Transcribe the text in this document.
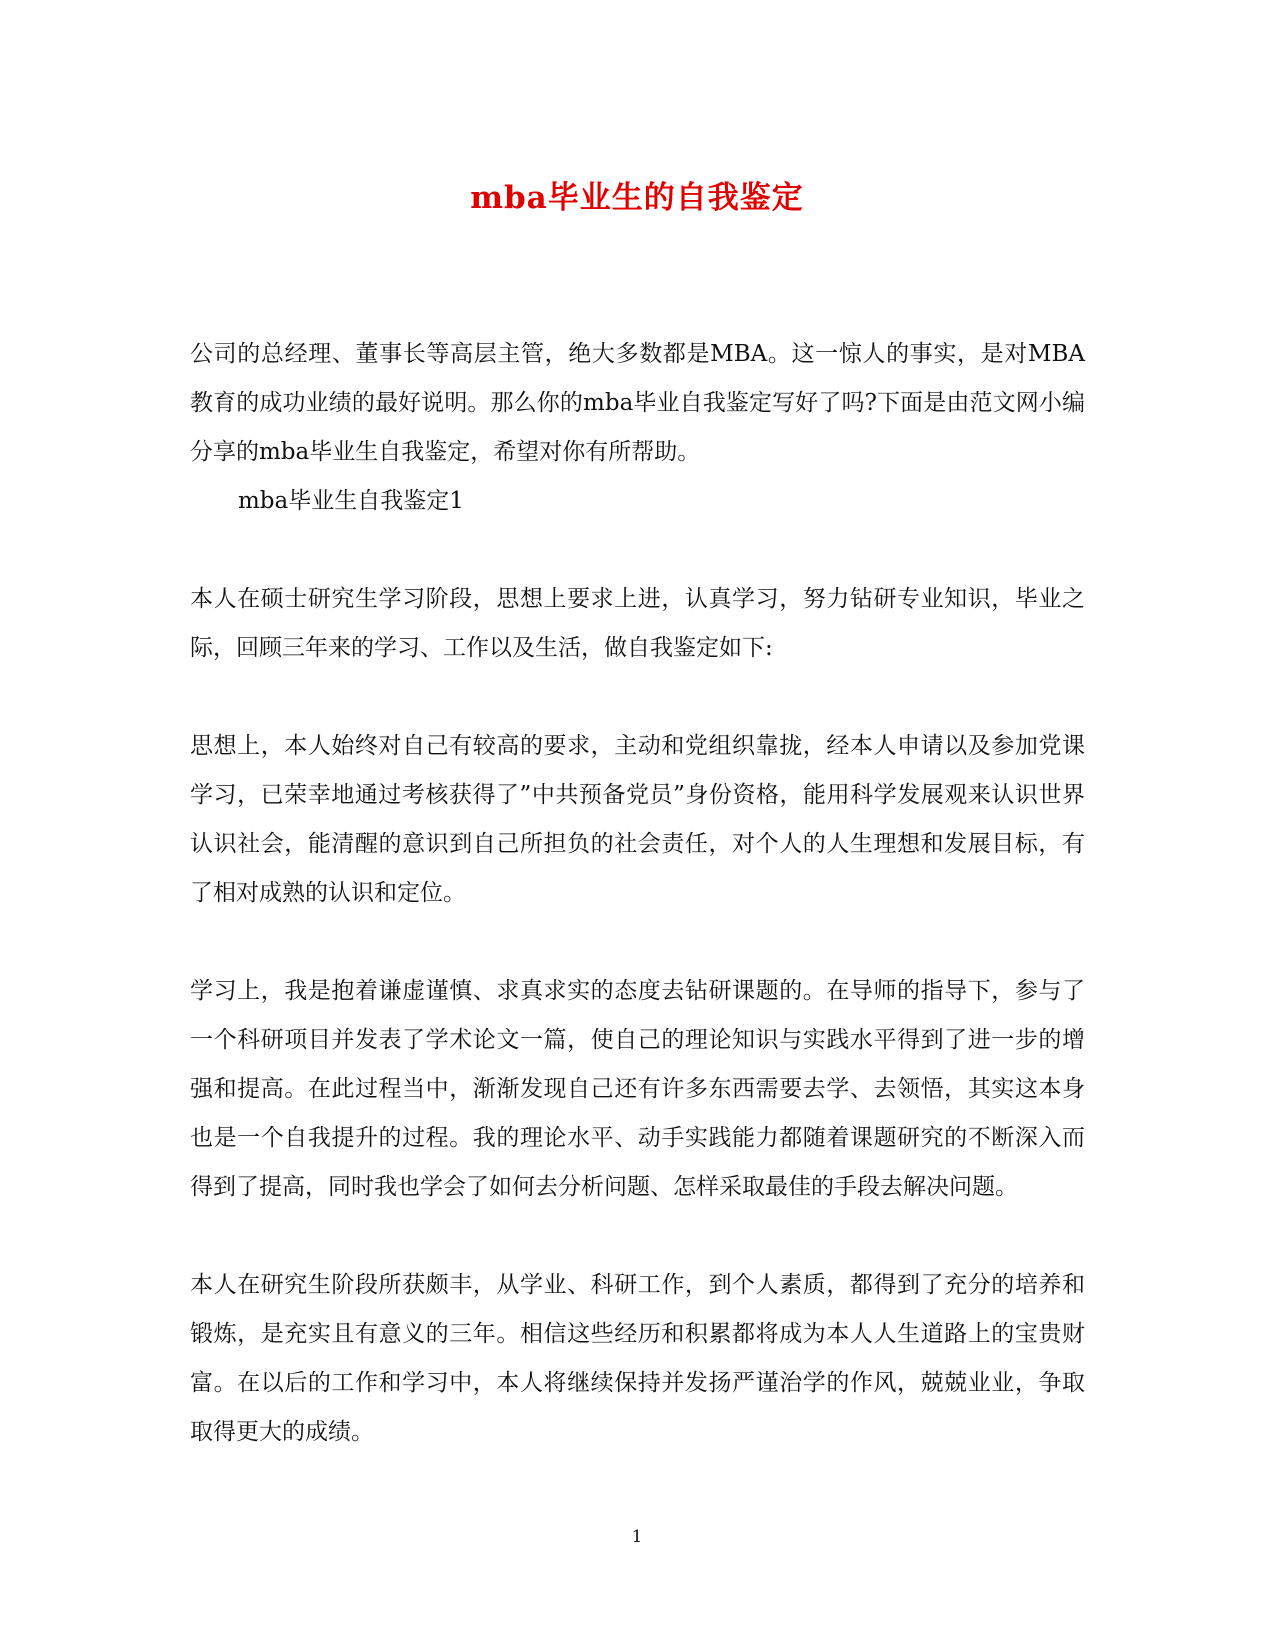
mba毕业生的自我鉴定

公司的总经理、董事长等高层主管，绝大多数都是MBA。这一惊人的事实，是对MBA教育的成功业绩的最好说明。那么你的mba毕业自我鉴定写好了吗?下面是由范文网小编分享的mba毕业生自我鉴定，希望对你有所帮助。

mba毕业生自我鉴定1

本人在硕士研究生学习阶段，思想上要求上进，认真学习，努力钻研专业知识，毕业之际，回顾三年来的学习、工作以及生活，做自我鉴定如下:

思想上，本人始终对自己有较高的要求，主动和党组织靠拢，经本人申请以及参加党课学习，已荣幸地通过考核获得了”中共预备党员”身份资格，能用科学发展观来认识世界认识社会，能清醒的意识到自己所担负的社会责任，对个人的人生理想和发展目标，有了相对成熟的认识和定位。

学习上，我是抱着谦虚谨慎、求真求实的态度去钻研课题的。在导师的指导下，参与了一个科研项目并发表了学术论文一篇，使自己的理论知识与实践水平得到了进一步的增强和提高。在此过程当中，渐渐发现自己还有许多东西需要去学、去领悟，其实这本身也是一个自我提升的过程。我的理论水平、动手实践能力都随着课题研究的不断深入而得到了提高，同时我也学会了如何去分析问题、怎样采取最佳的手段去解决问题。

本人在研究生阶段所获颇丰，从学业、科研工作，到个人素质，都得到了充分的培养和锻炼，是充实且有意义的三年。相信这些经历和积累都将成为本人人生道路上的宝贵财富。在以后的工作和学习中，本人将继续保持并发扬严谨治学的作风，兢兢业业，争取取得更大的成绩。

1
